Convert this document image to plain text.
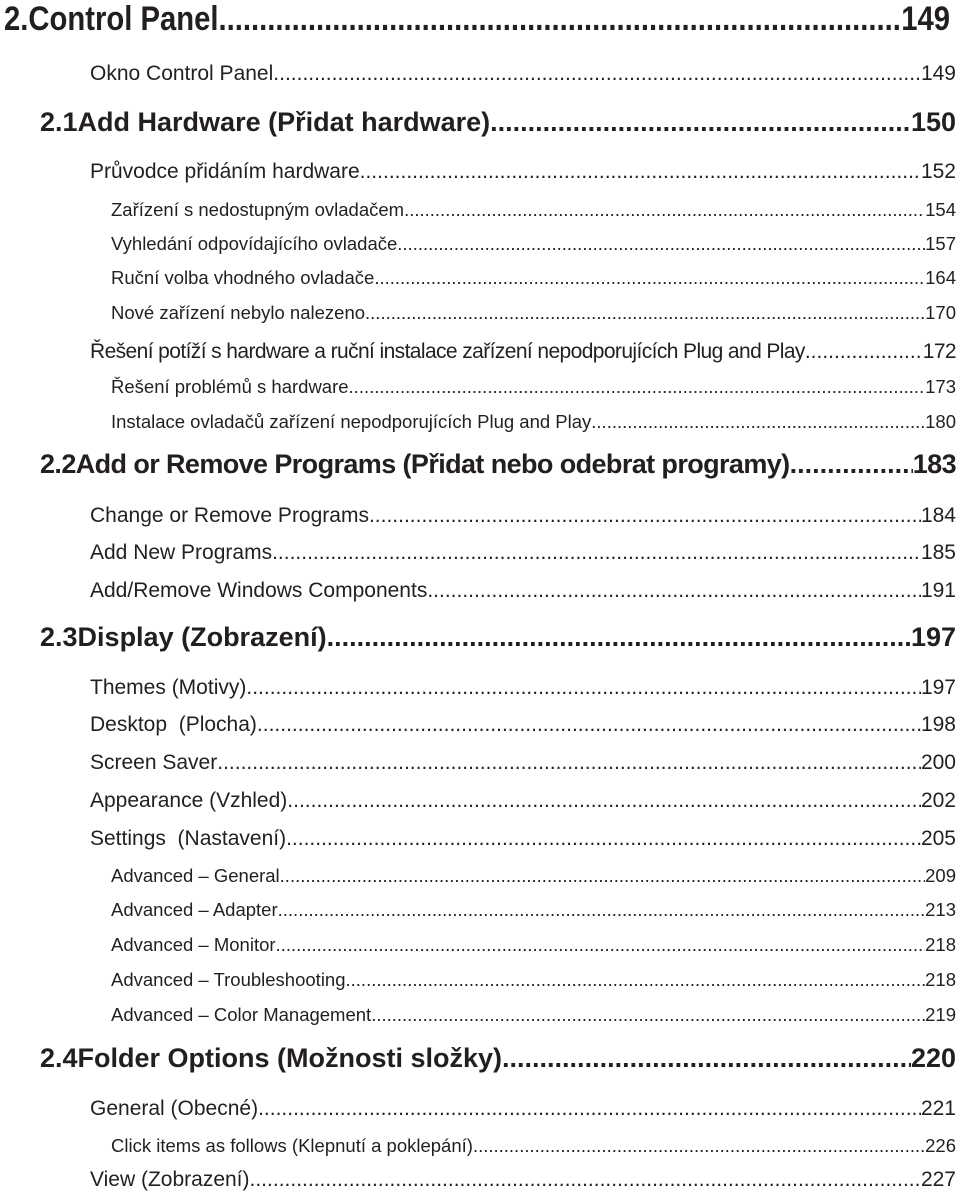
2. Control Panel .....	149
Okno Control Panel .....	149
2.1 Add Hardware (Přidat hardware) .....	150
Průvodce přidáním hardware .....	152
Zařízení s nedostupným ovladačem .....	154
Vyhledání odpovídajícího ovladače .....	157
Ruční volba vhodného ovladače .....	164
Nové zařízení nebylo nalezeno .....	170
Řešení potíží s hardware a ruční instalace zařízení nepodporujících Plug and Play .....	172
Řešení problémů s hardware .....	173
Instalace ovladačů zařízení nepodporujících Plug and Play .....	180
2.2 Add or Remove Programs (Přidat nebo odebrat programy) .....	183
Change or Remove Programs .....	184
Add New Programs .....	185
Add/Remove Windows Components .....	191
2.3 Display (Zobrazení) .....	197
Themes (Motivy) .....	197
Desktop  (Plocha) .....	198
Screen Saver .....	200
Appearance (Vzhled) .....	202
Settings  (Nastavení) .....	205
Advanced – General .....	209
Advanced – Adapter .....	213
Advanced – Monitor .....	218
Advanced – Troubleshooting .....	218
Advanced – Color Management .....	219
2.4 Folder Options (Možnosti složky) .....	220
General (Obecné) .....	221
Click items as follows (Klepnutí a poklepání) .....	226
View (Zobrazení) .....	227
